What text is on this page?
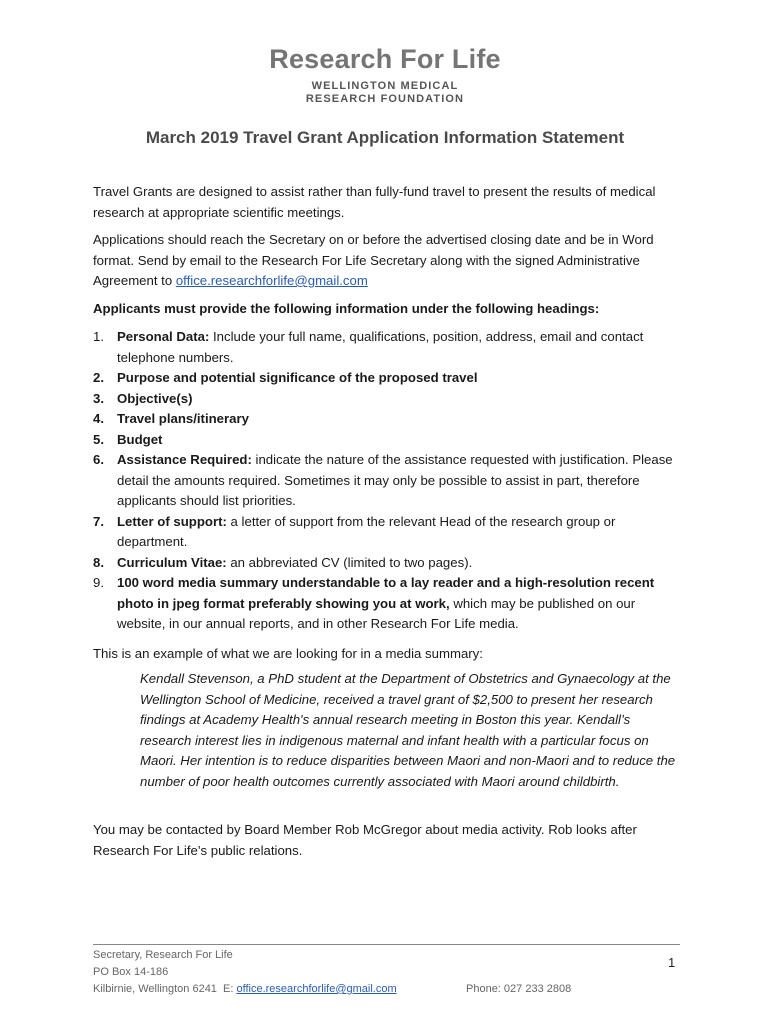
Research For Life
WELLINGTON MEDICAL
RESEARCH FOUNDATION
March 2019 Travel Grant Application Information Statement
Travel Grants are designed to assist rather than fully-fund travel to present the results of medical research at appropriate scientific meetings.
Applications should reach the Secretary on or before the advertised closing date and be in Word format. Send by email to the Research For Life Secretary along with the signed Administrative Agreement to office.researchforlife@gmail.com
Applicants must provide the following information under the following headings:
1. Personal Data: Include your full name, qualifications, position, address, email and contact telephone numbers.
2. Purpose and potential significance of the proposed travel
3. Objective(s)
4. Travel plans/itinerary
5. Budget
6. Assistance Required: indicate the nature of the assistance requested with justification. Please detail the amounts required. Sometimes it may only be possible to assist in part, therefore applicants should list priorities.
7. Letter of support: a letter of support from the relevant Head of the research group or department.
8. Curriculum Vitae: an abbreviated CV (limited to two pages).
9. 100 word media summary understandable to a lay reader and a high-resolution recent photo in jpeg format preferably showing you at work, which may be published on our website, in our annual reports, and in other Research For Life media.
This is an example of what we are looking for in a media summary:
Kendall Stevenson, a PhD student at the Department of Obstetrics and Gynaecology at the Wellington School of Medicine, received a travel grant of $2,500 to present her research findings at Academy Health's annual research meeting in Boston this year. Kendall’s research interest lies in indigenous maternal and infant health with a particular focus on Maori. Her intention is to reduce disparities between Maori and non-Maori and to reduce the number of poor health outcomes currently associated with Maori around childbirth.
You may be contacted by Board Member Rob McGregor about media activity. Rob looks after Research For Life’s public relations.
Secretary, Research For Life
PO Box 14-186
Kilbirnie, Wellington 6241  E: office.researchforlife@gmail.com	Phone: 027 233 2808
1
